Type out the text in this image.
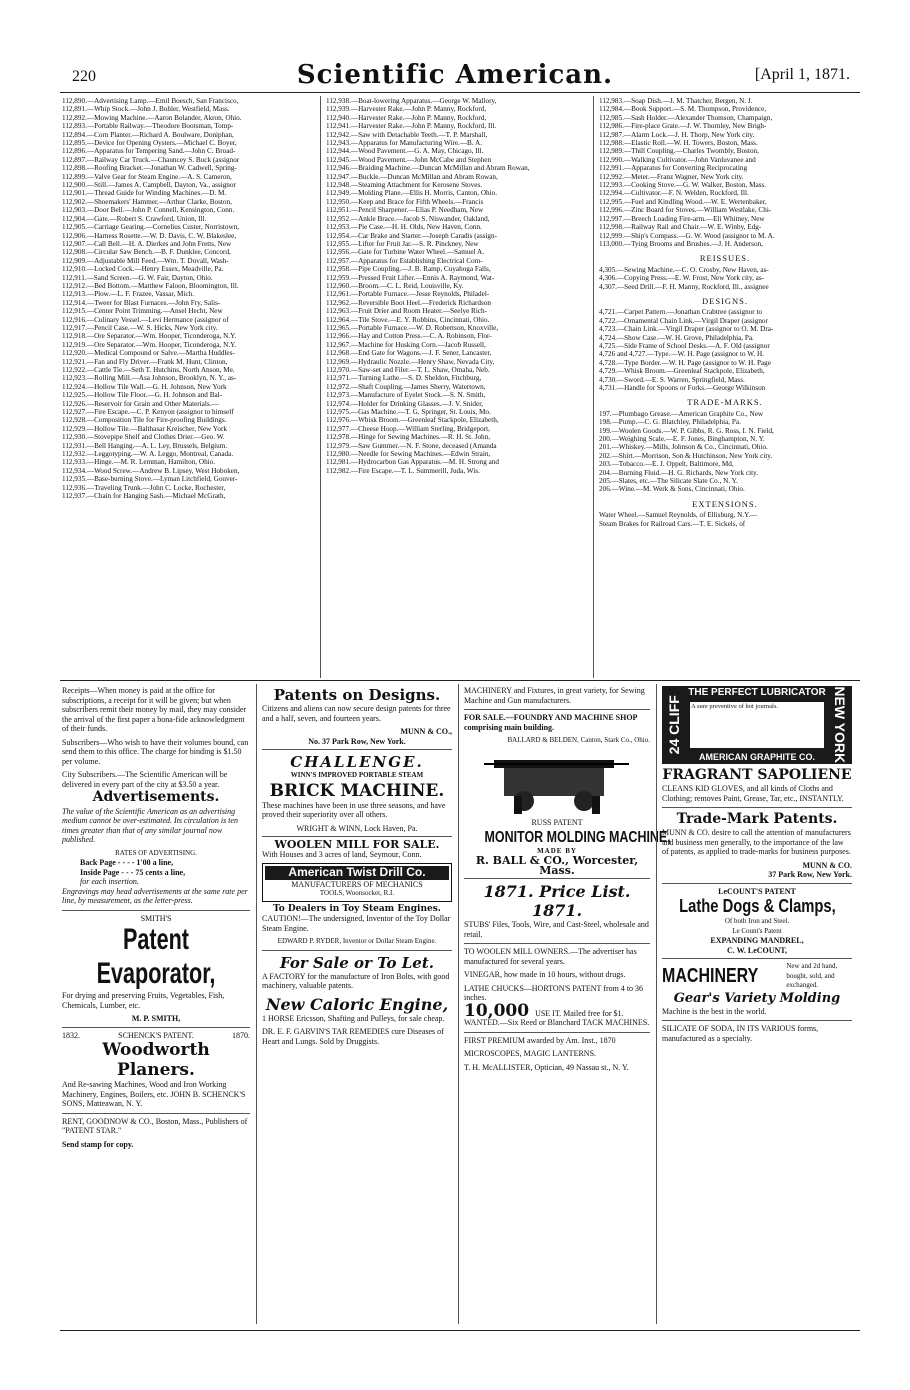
220	Scientific American.	[April 1, 1871.
112,890.—Advertising Lamp.—Emil Boesch, San Francisco,
112,891.—Whip Stock.—John J. Bohler, Westfield, Mass.
112,892.—Mowing Machine.—Aaron Bolander, Akron, Ohio.
112,893.—Portable Railway.—Theodore Bootsman, Tomp-
112,894.—Corn Planter.—Richard A. Boulware, Doniphan,
112,895.—Device for Opening Oysters.—Michael C. Boyer,
112,896.—Apparatus for Tempering Sand.—John C. Broad-
112,897.—Railway Car Truck.—Chauncey S. Buck (assignor
112,898.—Roofing Bracket.—Jonathan W. Cadwell, Spring-
112,899.—Valve Gear for Steam Engine.—A. S. Cameron,
112,900.—Still.—James A. Campbell, Dayton, Va., assignor
112,901.—Thread Guide for Winding Machines.—D. M.
112,902.—Shoemakers' Hammer.—Arthur Clarke, Boston,
112,903.—Door Bell.—John P. Connell, Kensington, Conn.
112,904.—Gate.—Robert S. Crawford, Union, Ill.
112,905.—Carriage Gearing.—Cornelius Custer, Norristown,
112,906.—Harness Rosette.—W. D. Davis, C. W. Blakeslee,
112,907.—Call Bell.—H. A. Dierkes and John Fretts, New
112,908.—Circular Saw Bench.—B. F. Dunklee, Concord,
112,909.—Adjustable Mill Feed.—Wm. T. Duvall, Wash-
112,910.—Locked Cock.—Henry Essex, Meadville, Pa.
112,911.—Sand Screen.—G. W. Fair, Dayton, Ohio.
112,912.—Bed Bottom.—Matthew Faloon, Bloomington, Ill.
112,913.—Plow.—L. F. Frazee, Vassar, Mich.
112,914.—Tweer for Blast Furnaces.—John Fry, Salis-
112,915.—Center Point Trimming.—Ansel Hecht, New
112,916.—Culinary Vessel.—Levi Hermance (assignor of
112,917.—Pencil Case.—W. S. Hicks, New York city.
112,918.—Ore Separator.—Wm. Hooper, Ticonderoga, N.Y.
112,919.—Ore Separator.—Wm. Hooper, Ticonderoga, N.Y.
112,920.—Medical Compound or Salve.—Martha Huddles-
112,921.—Fan and Fly Driver.—Frank M. Hunt, Clinton,
112,922.—Cattle Tie.—Seth T. Hutchins, North Anson, Me.
112,923.—Rolling Mill.—Asa Johnson, Brooklyn, N. Y., as-
112,924.—Hollow Tile Wall.—G. H. Johnson, New York
112,925.—Hollow Tile Floor.—G. H. Johnson and Bal-
112,926.—Reservoir for Grain and Other Materials.—
112,927.—Fire Escape.—C. P. Kenyon (assignor to himself
112,928.—Composition Tile for Fire-proofing Buildings.
112,929.—Hollow Tile.—Balthasar Kreischer, New York
112,930.—Stovepipe Shelf and Clothes Drier.—Geo. W.
112,931.—Bell Hanging.—A. L. Ley, Brussels, Belgium.
112,932.—Leggotyping.—W. A. Leggo, Montreal, Canada.
112,933.—Hinge.—M. R. Lemman, Hamilton, Ohio.
112,934.—Wood Screw.—Andrew B. Lipsey, West Hoboken,
112,935.—Base-burning Stove.—Lyman Litchfield, Gouver-
112,936.—Traveling Trunk.—John C. Locke, Rochester,
112,937.—Chain for Hanging Sash.—Michael McGrath,
112,938.—Boat-lowering Apparatus.—George W. Mallory,
112,939.—Harvester Rake.—John P. Manny, Rockford,
112,940.—Harvester Rake.—John P. Manny, Rockford,
112,941.—Harvester Rake.—John P. Manny, Rockford, Ill.
112,942.—Saw with Detachable Teeth.—T. P. Marshall,
112,943.—Apparatus for Manufacturing Wire.—B. A.
112,944.—Wood Pavement.—G. A. May, Chicago, Ill.
112,945.—Wood Pavement.—John McCabe and Stephen
112,946.—Braiding Machine.—Duncan McMillan and Abram Rowan,
112,947.—Buckle.—Duncan McMillan and Abram Rowan,
112,948.—Steaming Attachment for Kerosene Stoves.
112,949.—Molding Plane.—Ellis H. Morris, Canton, Ohio.
112,950.—Keep and Brace for Fifth Wheels.—Francis
112,951.—Pencil Sharpener.—Elias P. Needham, New
112,952.—Ankle Brace.—Jacob S. Niswander, Oakland,
112,953.—Pie Case.—H. H. Olds, New Haven, Conn.
112,954.—Car Brake and Starter.—Joseph Caradis (assign-
112,955.—Lifter for Fruit Jar.—S. R. Pinckney, New
112,956.—Gate for Turbine Water Wheel.—Samuel A.
112,957.—Apparatus for Establishing Electrical Com-
112,958.—Pipe Coupling.—J. B. Ramp, Cuyahoga Falls,
112,959.—Pressed Fruit Lifter.—Ennis A. Raymond, Wat-
112,960.—Broom.—C. L. Reid, Louisville, Ky.
112,961.—Portable Furnace.—Jesse Reynolds, Philadel-
112,962.—Reversible Boot Heel.—Frederick Richardson
112,963.—Fruit Drier and Room Heater.—Seelye Rich-
112,964.—Tile Stove.—E. Y. Robbins, Cincinnati, Ohio.
112,965.—Portable Furnace.—W. D. Robertson, Knoxville,
112,966.—Hay and Cotton Press.—C. A. Robinson, Flor-
112,967.—Machine for Husking Corn.—Jacob Russell,
112,968.—End Gate for Wagons.—J. F. Sener, Lancaster,
112,969.—Hydraulic Nozzle.—Henry Shaw, Nevada City,
112,970.—Saw-set and Filer.—T. L. Shaw, Omaha, Neb.
112,971.—Turning Lathe.—S. D. Sheldon, Fitchburg,
112,972.—Shaft Coupling.—James Sherry, Watertown,
112,973.—Manufacture of Eyelet Stock.—S. N. Smith,
112,974.—Holder for Drinking Glasses.—J. V. Snider,
112,975.—Gas Machine.—T. G. Springer, St. Louis, Mo.
112,976.—Whisk Broom.—Greenleaf Stackpole, Elizabeth,
112,977.—Cheese Hoop.—William Sterling, Bridgeport,
112,978.—Hinge for Sewing Machines.—R. H. St. John,
112,979.—Saw Gummer.—N. F. Stone, deceased (Amanda
112,980.—Needle for Sewing Machines.—Edwin Strain,
112,981.—Hydrocarbon Gas Apparatus.—M. H. Strong and
112,982.—Fire Escape.—T. L. Summerill, Juda, Wis.
112,983.—Soap Dish.—J. M. Thatcher, Bergen, N. J.
112,984.—Book Support.—S. M. Thompson, Providence,
112,985.—Sash Holder.—Alexander Thomson, Champaign,
112,986.—Fire-place Grate.—J. W. Thornley, New Brigh-
112,987.—Alarm Lock.—J. H. Thorp, New York city.
112,988.—Elastic Roll.—W. H. Towers, Boston, Mass.
112,989.—Thill Coupling.—Charles Twombly, Boston,
112,990.—Walking Cultivator.—John Vanluvanee and
112,991.—Apparatus for Converting Reciprocating
112,992.—Meter.—Franz Wagner, New York city.
112,993.—Cooking Stove.—G. W. Walker, Boston, Mass.
112,994.—Cultivator.—F. N. Welden, Rockford, Ill.
112,995.—Fuel and Kindling Wood.—W. E. Wertenbaker,
112,996.—Zinc Board for Stoves.—William Westlake, Chi-
112,997.—Breech Loading Fire-arm.—Eli Whitney, New
112,998.—Railway Rail and Chair.—W. E. Winby, Edg-
112,999.—Ship's Compass.—G. W. Wood (assignor to M. A.
113,000.—Tying Brooms and Brushes.—J. H. Anderson,
REISSUES.
4,305.—Sewing Machine.—C. O. Crosby, New Haven, as-
4,306.—Copying Press.—E. W. Frost, New York city, as-
4,307.—Seed Drill.—F. H. Manny, Rockford, Ill., assignee
DESIGNS.
4,721.—Carpet Pattern.—Jonathan Crabtree (assignor to
4,722.—Ornamental Chain Link.—Virgil Draper (assignor
4,723.—Chain Link.—Virgil Draper (assignor to O. M. Dra-
4,724.—Show Case.—W. H. Grove, Philadelphia, Pa.
4,725.—Side Frame of School Desks.—A. F. Old (assignor
4,726 and 4,727.—Type.—W. H. Page (assignor to W. H.
4,728.—Type Border.—W. H. Page (assignor to W. H. Page
4,729.—Whisk Broom.—Greenleaf Stackpole, Elizabeth,
4,730.—Sword.—E. S. Warren, Springfield, Mass.
4,731.—Handle for Spoons or Forks.—George Wilkinson
TRADE-MARKS.
197.—Plumbago Grease.—American Graphite Co., New
198.—Pump.—C. G. Blatchley, Philadelphia, Pa.
199.—Woolen Goods.—W. P. Gibbs, R. G. Ross, I. N. Field,
200.—Weighing Scale.—E. F. Jones, Binghampton, N. Y.
201.—Whiskey.—Mills, Johnson & Co., Cincinnati, Ohio.
202.—Shirt.—Morrison, Son & Hutchinson, New York city.
203.—Tobacco.—E. J. Oppelt, Baltimore, Md,
204.—Burning Fluid.—H. G. Richards, New York city.
205.—Slates, etc.—The Silicate Slate Co., N. Y.
206.—Wine.—M. Werk & Sons, Cincinnati, Ohio.
EXTENSIONS.
Water Wheel.—Samuel Reynolds, of Ellisburg, N.Y.—
Steam Brakes for Railroad Cars.—T. E. Sickels, of

Receipts—When money is paid at the office for subscriptions, a receipt for it will be given; but when subscribers remit their money by mail, they may consider the arrival of the first paper a bona-fide acknowledgment of their funds.

Subscribers—Who wish to have their volumes bound, can send them to this office. The charge for binding is $1.50 per volume.

City Subscribers.—The Scientific American will be delivered in every part of the city at $3.50 a year.

Advertisements.

The value of the Scientific American as an advertising medium cannot be over-estimated. Its circulation is ten times greater than that of any similar journal now published.

RATES OF ADVERTISING.
Back Page - - - - 1'00 a line,
Inside Page - - - 75 cents a line,
for each insertion.

Engravings may head advertisements at the same rate per line, by measurement, as the letter-press.

SMITH'S
Patent Evaporator,

For drying and preserving Fruits, Vegetables, Fish, Chemicals, Lumber, etc.

M. P. SMITH,
1832.	SCHENCK'S PATENT.	1870.
Woodworth Planers.

And Re-sawing Machines, Wood and Iron Working Machinery, Engines, Boilers, etc. JOHN B. SCHENCK'S SONS, Matteawan, N. Y.

RENT, GOODNOW & CO., Boston, Mass., Publishers of "PATENT STAR."

Send stamp for copy.

Patents on Designs.

Citizens and aliens can now secure design patents for three and a half, seven, and fourteen years.

MUNN & CO.,
No. 37 Park Row, New York.
CHALLENGE.
WINN'S IMPROVED PORTABLE STEAM
BRICK MACHINE.

These machines have been in use three seasons, and have proved their superiority over all others.

WRIGHT & WINN, Lock Haven, Pa.
WOOLEN MILL FOR SALE.

With Houses and 3 acres of land, Seymour, Conn.

American Twist Drill Co.
MANUFACTURERS OF MECHANICS
TOOLS, Woonsocket, R.I.
To Dealers in Toy Steam Engines.

CAUTION!—The undersigned, Inventor of the Toy Dollar Steam Engine.

EDWARD P. RYDER, Inventor or Dollar Steam Engine.
For Sale or To Let.

A FACTORY for the manufacture of Iron Bolts, with good machinery, valuable patents.

New Caloric Engine,

1 HORSE Ericsson, Shafting and Pulleys, for sale cheap.

DR. E. F. GARVIN'S TAR REMEDIES cure Diseases of Heart and Lungs. Sold by Druggists.

MACHINERY and Fixtures, in great variety, for Sewing Machine and Gun manufacturers.

FOR SALE.—FOUNDRY AND MACHINE SHOP comprising main building.

BALLARD & BELDEN, Canton, Stark Co., Ohio.
RUSS PATENT
MONITOR MOLDING MACHINE,
MADE BY
R. BALL & CO., Worcester, Mass.
1871. Price List. 1871.

STUBS' Files, Tools, Wire, and Cast-Steel, wholesale and retail.

TO WOOLEN MILL OWNERS.—The advertiser has manufactured for several years.

VINEGAR, how made in 10 hours, without drugs.

LATHE CHUCKS—HORTON'S PATENT from 4 to 36 inches.

10,000 USE IT. Mailed free for $1.

WANTED.—Six Reed or Blanchard TACK MACHINES.

FIRST PREMIUM awarded by Am. Inst., 1870

MICROSCOPES, MAGIC LANTERNS.

T. H. McALLISTER, Optician, 49 Nassau st., N. Y.

24 CLIFF	NEW YORK
THE PERFECT LUBRICATOR
A sure preventive of hot journals.
AMERICAN GRAPHITE CO.
FRAGRANT SAPOLIENE

CLEANS KID GLOVES, and all kinds of Cloths and Clothing; removes Paint, Grease, Tar, etc., INSTANTLY.

Trade-Mark Patents.

MUNN & CO. desire to call the attention of manufacturers and business men generally, to the importance of the law of patents, as applied to trade-marks for business purposes.

MUNN & CO.
37 Park Row, New York.
LeCOUNT'S PATENT
Lathe Dogs & Clamps,
Of both Iron and Steel.
Le Count's Patent
EXPANDING MANDREL,
C. W. LeCOUNT,
MACHINERY	New and 2d hand, bought, sold, and exchanged.
Gear's Variety Molding

Machine is the best in the world.

SILICATE OF SODA, IN ITS VARIOUS forms, manufactured as a specialty.
